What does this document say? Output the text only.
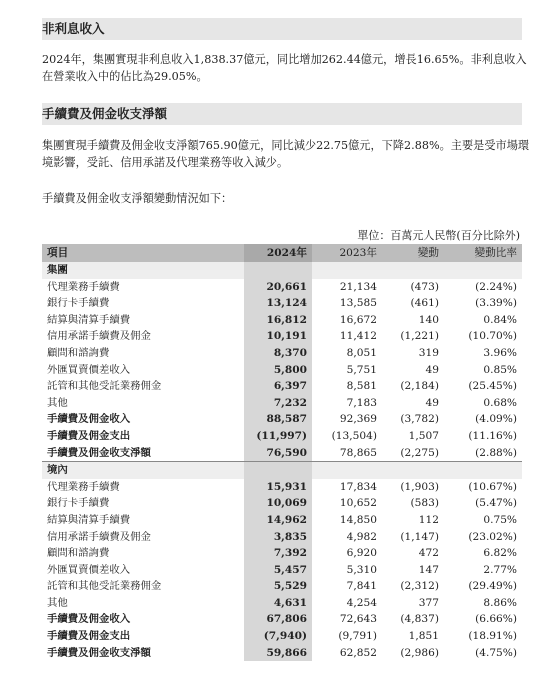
非利息收入

2024年，集團實現非利息收入1,838.37億元，同比增加262.44億元，增長16.65%。非利息收入在營業收入中的佔比為29.05%。

手續費及佣金收支淨額

集團實現手續費及佣金收支淨額765.90億元，同比減少22.75億元，下降2.88%。主要是受市場環境影響，受託、信用承諾及代理業務等收入減少。

手續費及佣金收支淨額變動情況如下：

單位：百萬元人民幣(百分比除外)
項目	2024年	2023年	變動	變動比率
集團				
代理業務手續費	20,661	21,134	(473)	(2.24%)
銀行卡手續費	13,124	13,585	(461)	(3.39%)
結算與清算手續費	16,812	16,672	140	0.84%
信用承諾手續費及佣金	10,191	11,412	(1,221)	(10.70%)
顧問和諮詢費	8,370	8,051	319	3.96%
外匯買賣價差收入	5,800	5,751	49	0.85%
託管和其他受託業務佣金	6,397	8,581	(2,184)	(25.45%)
其他	7,232	7,183	49	0.68%
手續費及佣金收入	88,587	92,369	(3,782)	(4.09%)
手續費及佣金支出	(11,997)	(13,504)	1,507	(11.16%)
手續費及佣金收支淨額	76,590	78,865	(2,275)	(2.88%)
境內				
代理業務手續費	15,931	17,834	(1,903)	(10.67%)
銀行卡手續費	10,069	10,652	(583)	(5.47%)
結算與清算手續費	14,962	14,850	112	0.75%
信用承諾手續費及佣金	3,835	4,982	(1,147)	(23.02%)
顧問和諮詢費	7,392	6,920	472	6.82%
外匯買賣價差收入	5,457	5,310	147	2.77%
託管和其他受託業務佣金	5,529	7,841	(2,312)	(29.49%)
其他	4,631	4,254	377	8.86%
手續費及佣金收入	67,806	72,643	(4,837)	(6.66%)
手續費及佣金支出	(7,940)	(9,791)	1,851	(18.91%)
手續費及佣金收支淨額	59,866	62,852	(2,986)	(4.75%)
